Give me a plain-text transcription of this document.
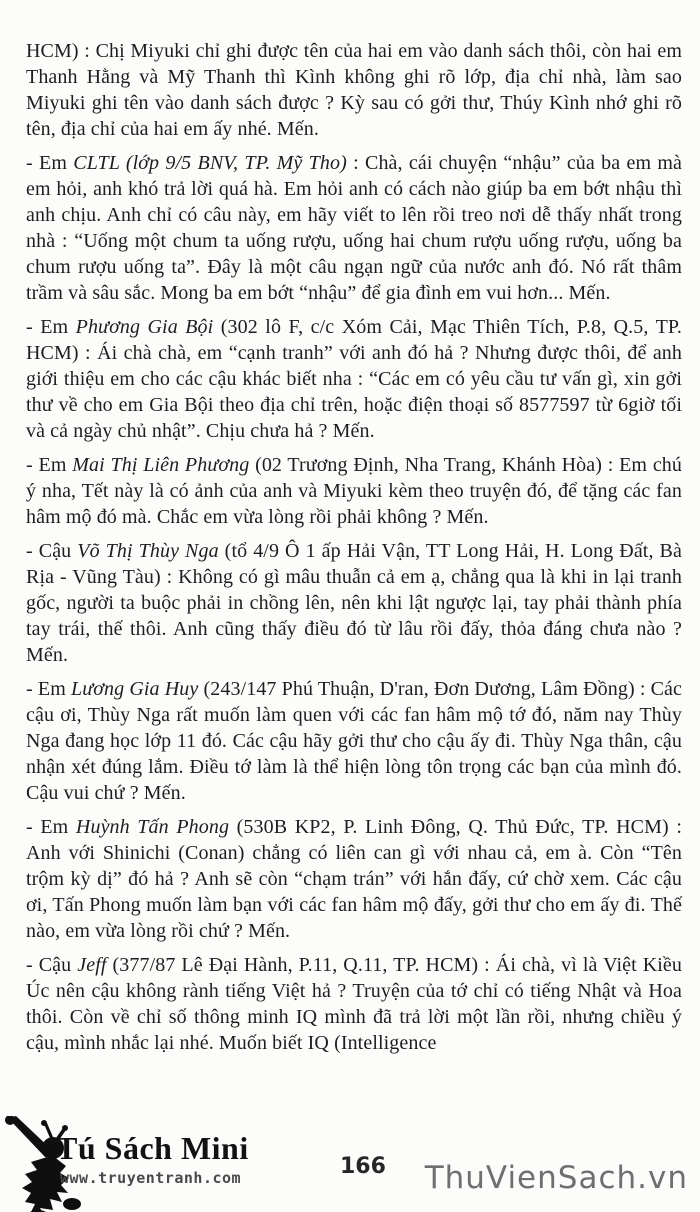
HCM) : Chị Miyuki chỉ ghi được tên của hai em vào danh sách thôi, còn hai em Thanh Hằng và Mỹ Thanh thì Kình không ghi rõ lớp, địa chỉ nhà, làm sao Miyuki ghi tên vào danh sách được ? Kỳ sau có gởi thư, Thúy Kình nhớ ghi rõ tên, địa chỉ của hai em ấy nhé. Mến.

- Em CLTL (lớp 9/5 BNV, TP. Mỹ Tho) : Chà, cái chuyện “nhậu” của ba em mà em hỏi, anh khó trả lời quá hà. Em hỏi anh có cách nào giúp ba em bớt nhậu thì anh chịu. Anh chỉ có câu này, em hãy viết to lên rồi treo nơi dễ thấy nhất trong nhà : “Uống một chum ta uống rượu, uống hai chum rượu uống rượu, uống ba chum rượu uống ta”. Đây là một câu ngạn ngữ của nước anh đó. Nó rất thâm trầm và sâu sắc. Mong ba em bớt “nhậu” để gia đình em vui hơn... Mến.

- Em Phương Gia Bội (302 lô F, c/c Xóm Cải, Mạc Thiên Tích, P.8, Q.5, TP. HCM) : Ái chà chà, em “cạnh tranh” với anh đó hả ? Nhưng được thôi, để anh giới thiệu em cho các cậu khác biết nha : “Các em có yêu cầu tư vấn gì, xin gởi thư về cho em Gia Bội theo địa chỉ trên, hoặc điện thoại số 8577597 từ 6giờ tối và cả ngày chủ nhật”. Chịu chưa hả ? Mến.

- Em Mai Thị Liên Phương (02 Trương Định, Nha Trang, Khánh Hòa) : Em chú ý nha, Tết này là có ảnh của anh và Miyuki kèm theo truyện đó, để tặng các fan hâm mộ đó mà. Chắc em vừa lòng rồi phải không ? Mến.

- Cậu Võ Thị Thùy Nga (tổ 4/9 Ô 1 ấp Hải Vận, TT Long Hải, H. Long Đất, Bà Rịa - Vũng Tàu) : Không có gì mâu thuẫn cả em ạ, chẳng qua là khi in lại tranh gốc, người ta buộc phải in chồng lên, nên khi lật ngược lại, tay phải thành phía tay trái, thế thôi. Anh cũng thấy điều đó từ lâu rồi đấy, thỏa đáng chưa nào ? Mến.

- Em Lương Gia Huy (243/147 Phú Thuận, D'ran, Đơn Dương, Lâm Đồng) : Các cậu ơi, Thùy Nga rất muốn làm quen với các fan hâm mộ tớ đó, năm nay Thùy Nga đang học lớp 11 đó. Các cậu hãy gởi thư cho cậu ấy đi. Thùy Nga thân, cậu nhận xét đúng lắm. Điều tớ làm là thể hiện lòng tôn trọng các bạn của mình đó. Cậu vui chứ ? Mến.

- Em Huỳnh Tấn Phong (530B KP2, P. Linh Đông, Q. Thủ Đức, TP. HCM) : Anh với Shinichi (Conan) chẳng có liên can gì với nhau cả, em à. Còn “Tên trộm kỳ dị” đó hả ? Anh sẽ còn “chạm trán” với hắn đấy, cứ chờ xem. Các cậu ơi, Tấn Phong muốn làm bạn với các fan hâm mộ đấy, gởi thư cho em ấy đi. Thế nào, em vừa lòng rồi chứ ? Mến.

- Cậu Jeff (377/87 Lê Đại Hành, P.11, Q.11, TP. HCM) : Ái chà, vì là Việt Kiều Úc nên cậu không rành tiếng Việt hả ? Truyện của tớ chỉ có tiếng Nhật và Hoa thôi. Còn về chỉ số thông minh IQ mình đã trả lời một lần rồi, nhưng chiều ý cậu, mình nhắc lại nhé. Muốn biết IQ (Intelligence

Tú Sách Mini
www.truyentranh.com	166 ThuVienSach.vn
